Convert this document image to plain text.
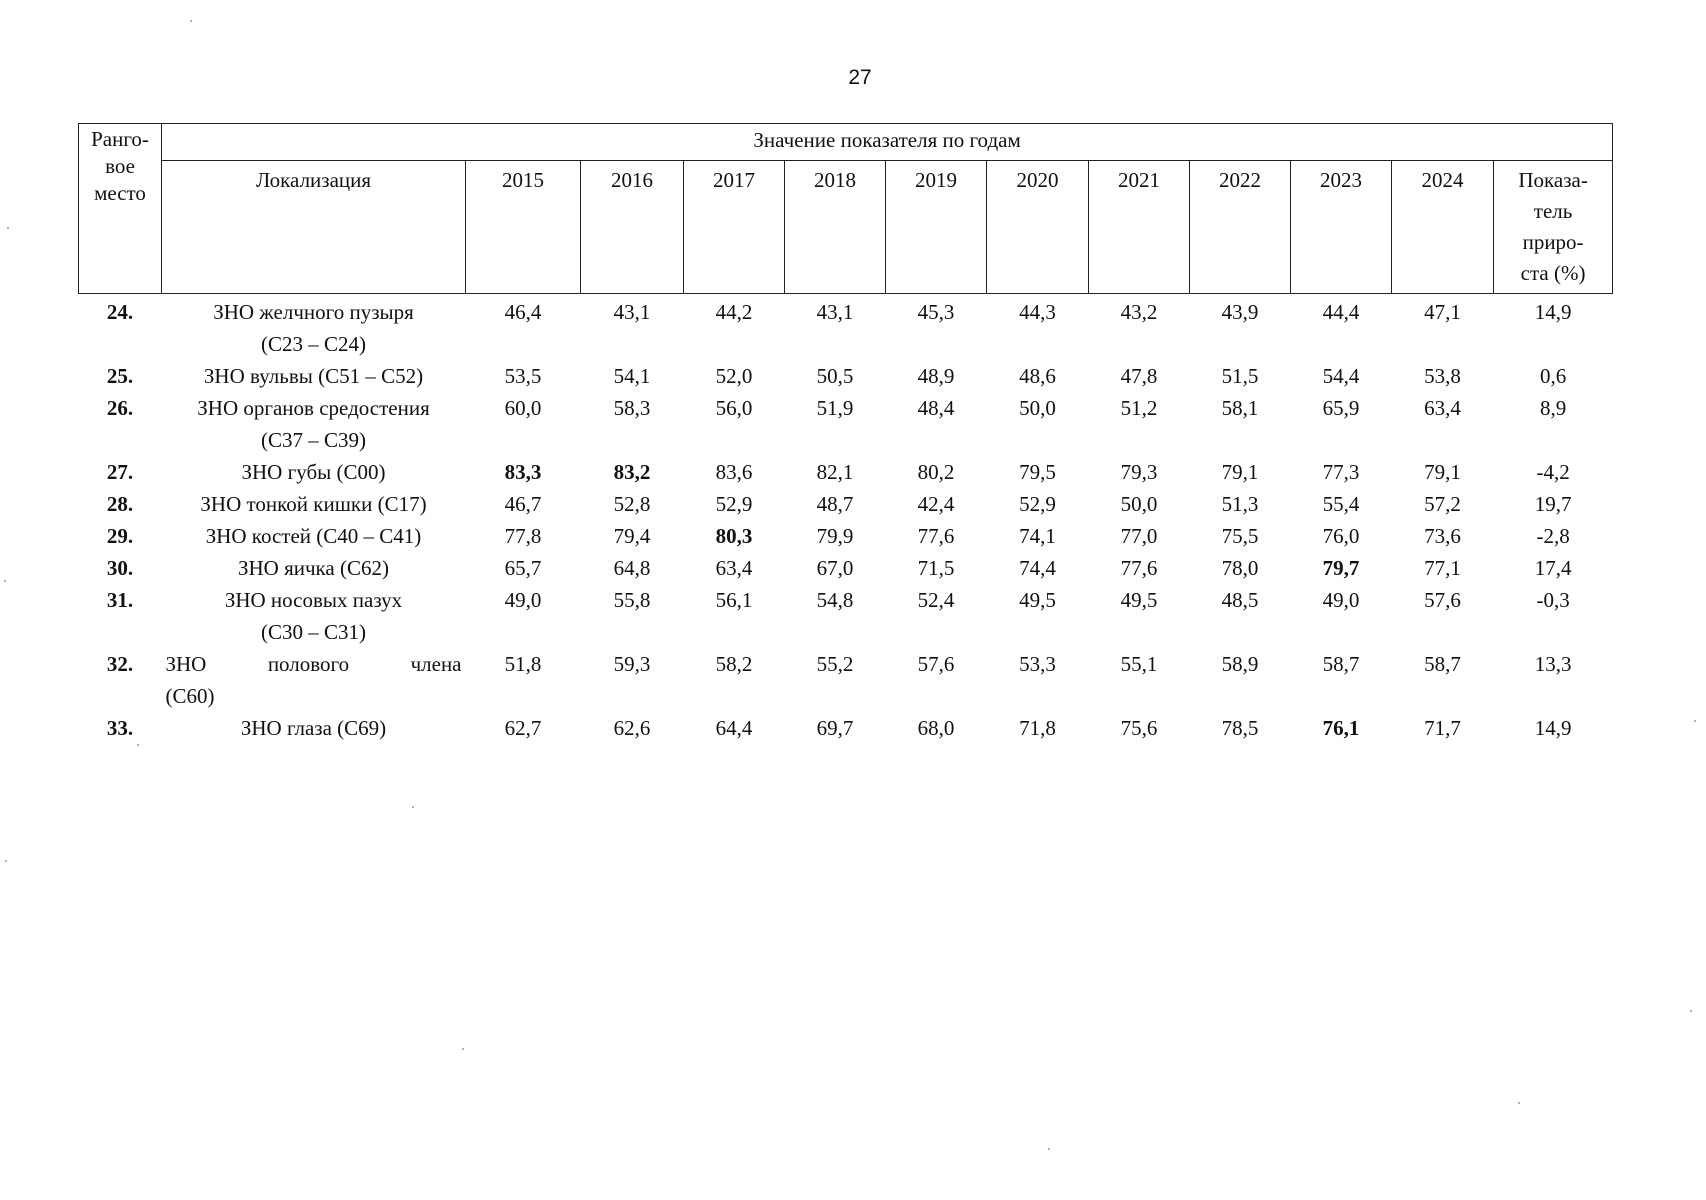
27
Ранго-
вое
место	Значение показателя по годам											
	Локализация	2015	2016	2017	2018	2019	2020	2021	2022	2023	2024	Показа-
тель
приро-
ста (%)
24.	ЗНО желчного пузыря
(С23 – С24)	46,4	43,1	44,2	43,1	45,3	44,3	43,2	43,9	44,4	47,1	14,9
25.	ЗНО вульвы (С51 – С52)	53,5	54,1	52,0	50,5	48,9	48,6	47,8	51,5	54,4	53,8	0,6
26.	ЗНО органов средостения
(С37 – С39)	60,0	58,3	56,0	51,9	48,4	50,0	51,2	58,1	65,9	63,4	8,9
27.	ЗНО губы (С00)	83,3	83,2	83,6	82,1	80,2	79,5	79,3	79,1	77,3	79,1	-4,2
28.	ЗНО тонкой кишки (С17)	46,7	52,8	52,9	48,7	42,4	52,9	50,0	51,3	55,4	57,2	19,7
29.	ЗНО костей (С40 – С41)	77,8	79,4	80,3	79,9	77,6	74,1	77,0	75,5	76,0	73,6	-2,8
30.	ЗНО яичка (С62)	65,7	64,8	63,4	67,0	71,5	74,4	77,6	78,0	79,7	77,1	17,4
31.	ЗНО носовых пазух
(С30 – С31)	49,0	55,8	56,1	54,8	52,4	49,5	49,5	48,5	49,0	57,6	-0,3
32.	ЗНО полового члена
(С60)	51,8	59,3	58,2	55,2	57,6	53,3	55,1	58,9	58,7	58,7	13,3
33.	ЗНО глаза (С69)	62,7	62,6	64,4	69,7	68,0	71,8	75,6	78,5	76,1	71,7	14,9
